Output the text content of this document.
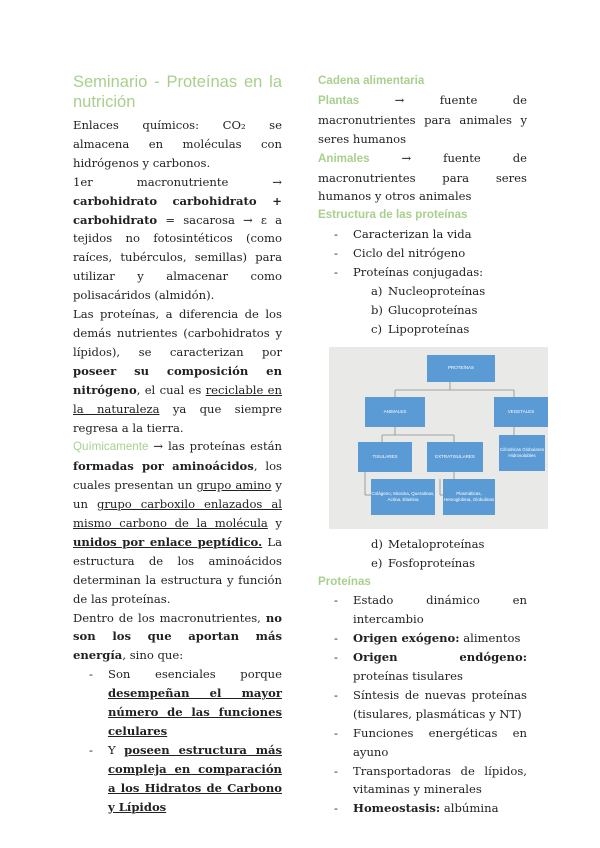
Seminario - Proteínas en la nutrición

Enlaces químicos: CO₂ se almacena en moléculas con hidrógenos y carbonos.

1er macronutriente → carbohidrato carbohidrato + carbohidrato = sacarosa → ε a tejidos no fotosintéticos (como raíces, tubérculos, semillas) para utilizar y almacenar como polisacáridos (almidón).

Las proteínas, a diferencia de los demás nutrientes (carbohidratos y lípidos), se caracterizan por poseer su composición en nitrógeno, el cual es reciclable en la naturaleza ya que siempre regresa a la tierra.

Químicamente → las proteínas están formadas por aminoácidos, los cuales presentan un grupo amino y un grupo carboxilo enlazados al mismo carbono de la molécula y unidos por enlace peptídico. La estructura de los aminoácidos determinan la estructura y función de las proteínas.

Dentro de los macronutrientes, no son los que aportan más energía, sino que:

- Son esenciales porque desempeñan el mayor número de las funciones celulares
- Y poseen estructura más compleja en comparación a los Hidratos de Carbono y Lípidos
Cadena alimentaria

Plantas → fuente de macronutrientes para animales y seres humanos

Animales → fuente de macronutrientes para seres humanos y otros animales

Estructura de las proteínas
- Caracterizan la vida
- Ciclo del nitrógeno
- Proteínas conjugadas:
a) Nucleoproteínas
b) Glucoproteínas
c) Lipoproteínas
PROTEÍNAS
ANIMALES	VEGETALES
Cilíndricas Globulares Hidrosolubles
TISULARES	EXTRATISULARES
Colágeno, Miosina, Queratinas, Actina, Elastina
Plasmáticas, Hemoglobina, Globulinas
d) Metaloproteínas
e) Fosfoproteínas
Proteínas
- Estado dinámico en intercambio
- Origen exógeno: alimentos
- Origen endógeno: proteínas tisulares
- Síntesis de nuevas proteínas (tisulares, plasmáticas y NT)
- Funciones energéticas en ayuno
- Transportadoras de lípidos, vitaminas y minerales
- Homeostasis: albúmina
